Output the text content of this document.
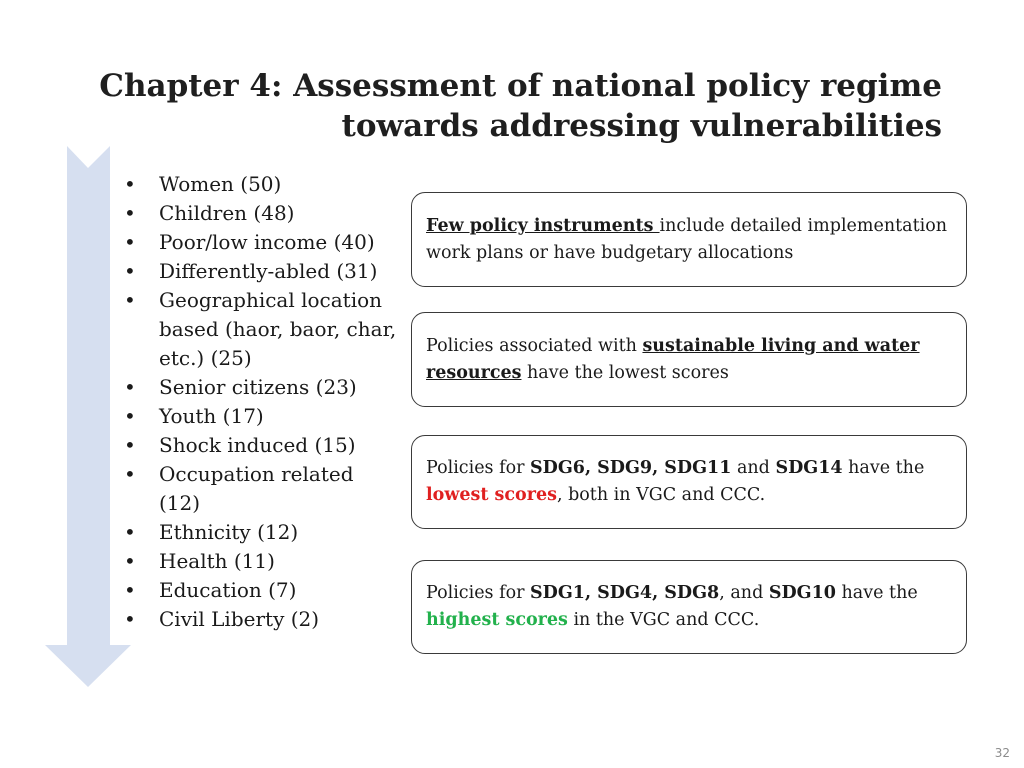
Chapter 4: Assessment of national policy regime
towards addressing vulnerabilities
• Women (50)
• Children (48)
• Poor/low income (40)
• Differently-abled (31)
• Geographical location based (haor, baor, char, etc.) (25)
• Senior citizens (23)
• Youth (17)
• Shock induced (15)
• Occupation related (12)
• Ethnicity (12)
• Health (11)
• Education (7)
• Civil Liberty (2)

Few policy instruments include detailed implementation work plans or have budgetary allocations

Policies associated with sustainable living and water resources have the lowest scores

Policies for SDG6, SDG9, SDG11 and SDG14 have the lowest scores, both in VGC and CCC.

Policies for SDG1, SDG4, SDG8, and SDG10 have the highest scores in the VGC and CCC.

32
